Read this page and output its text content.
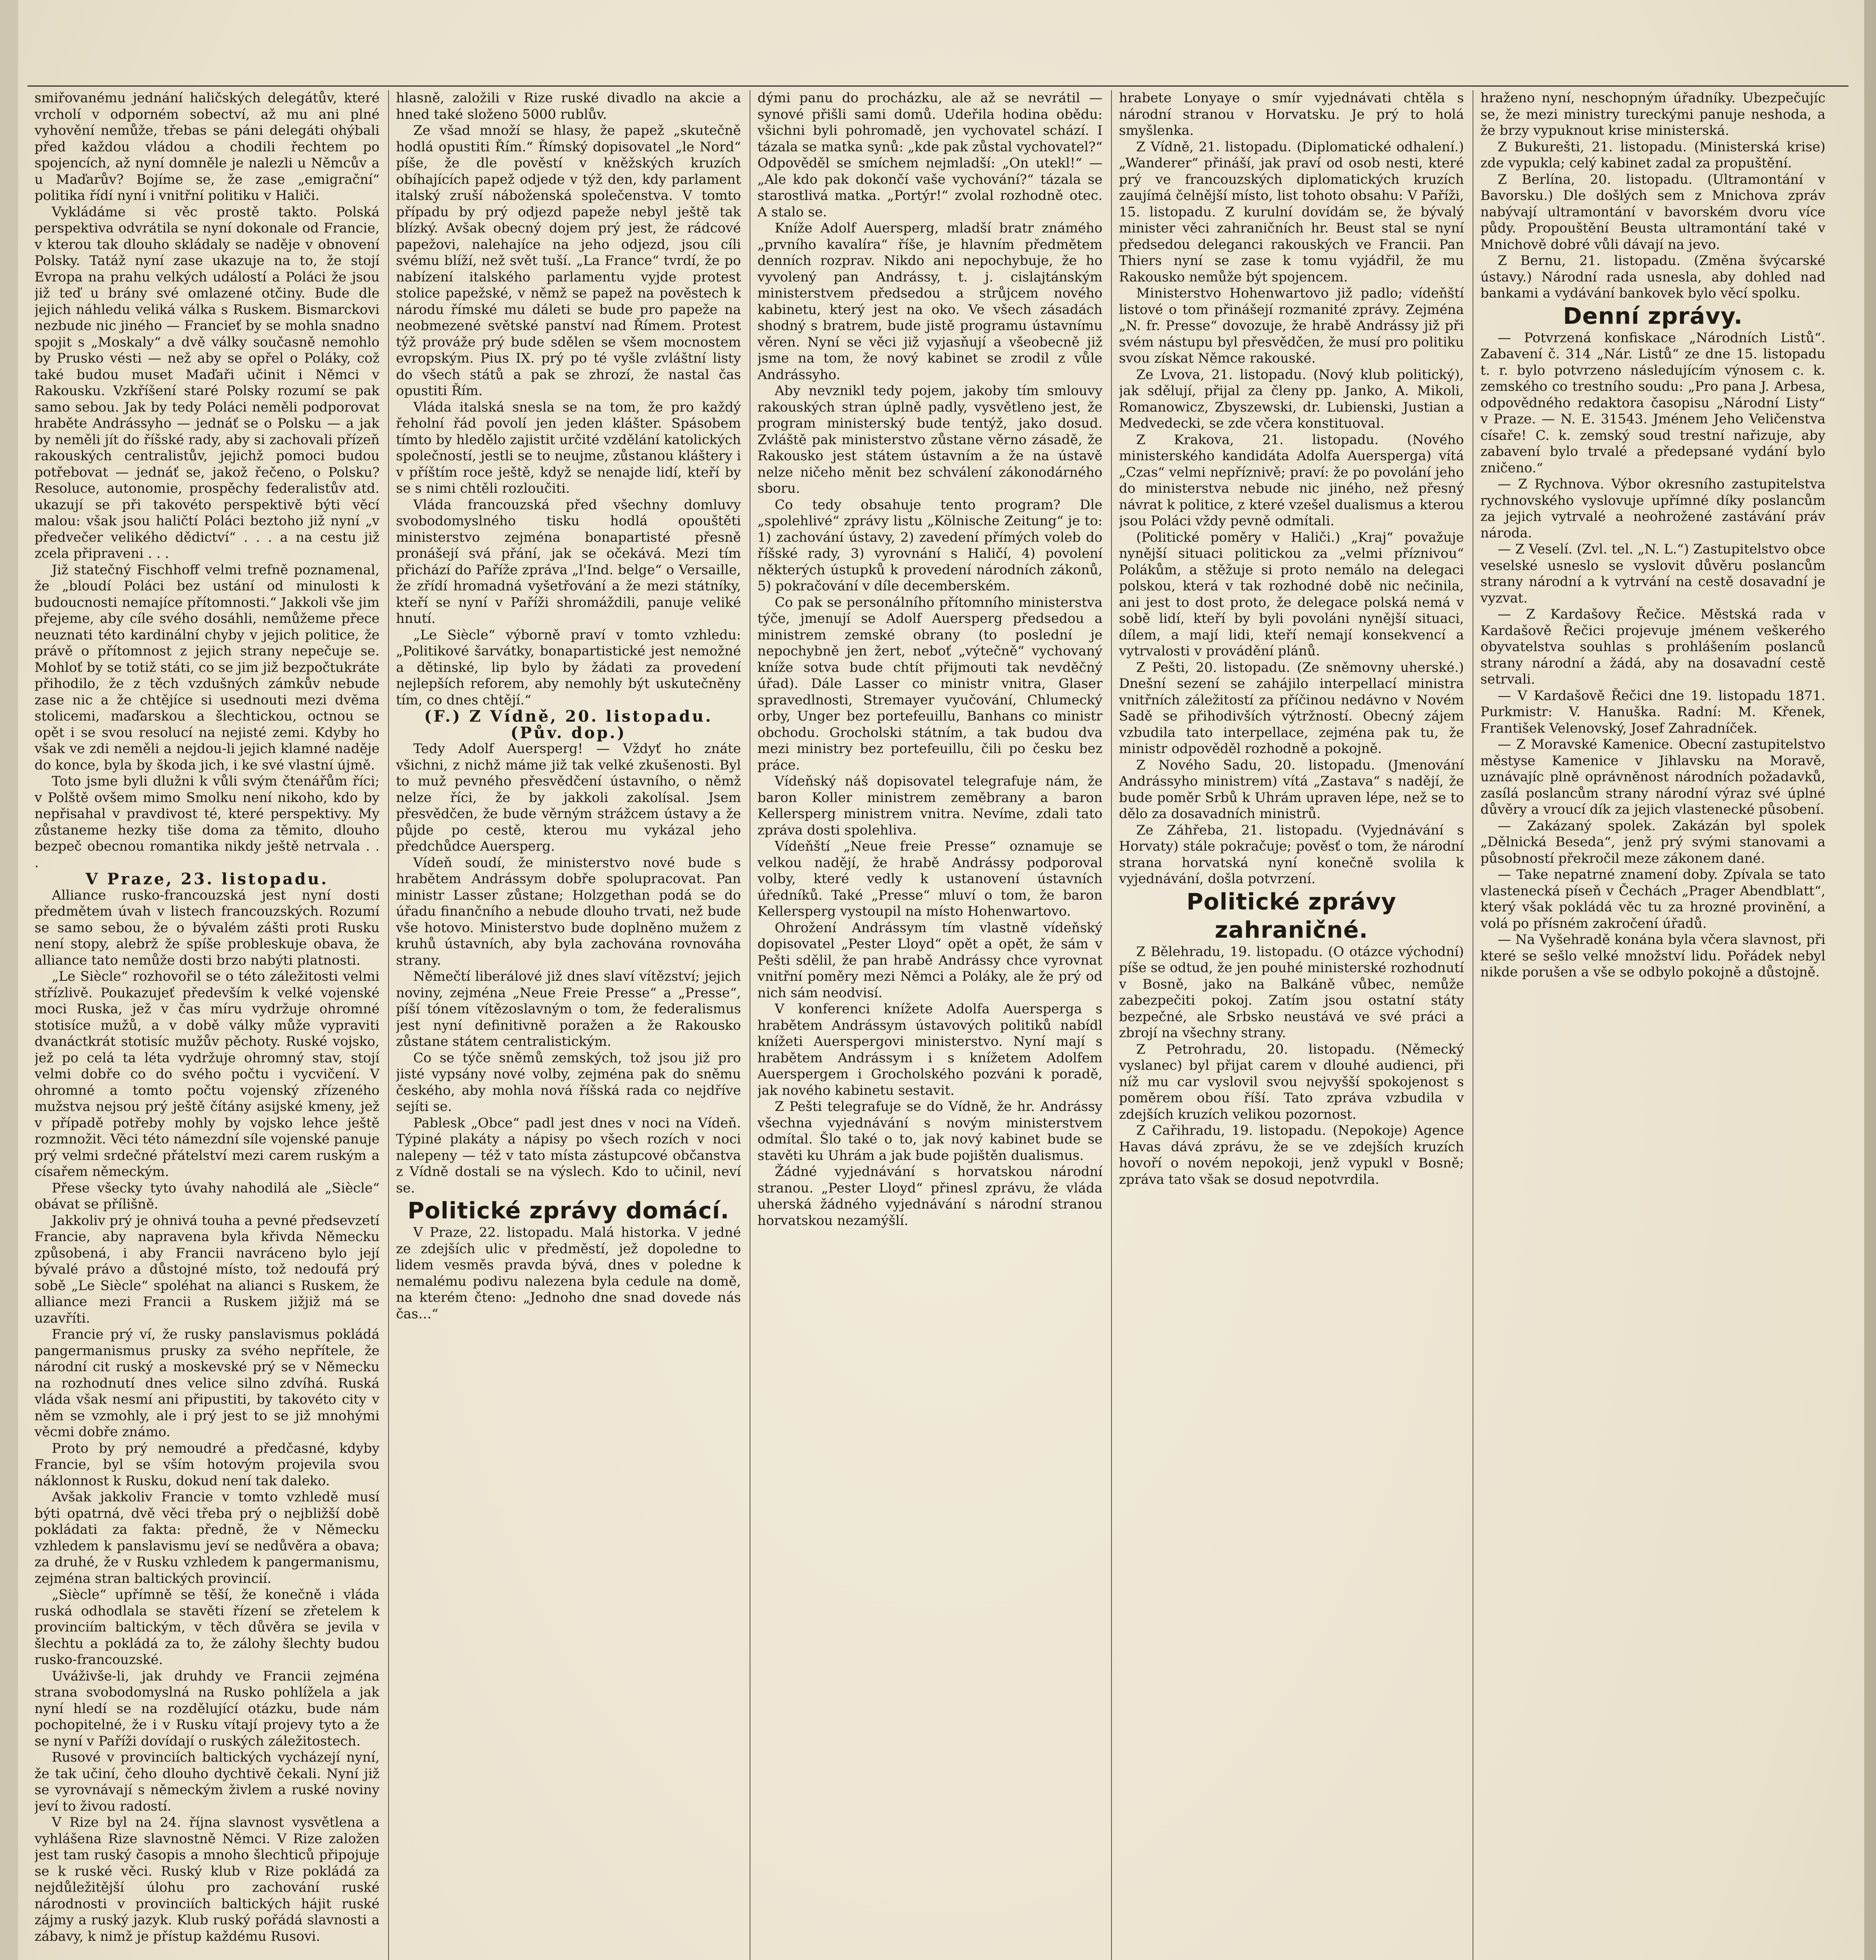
smiřovanému jednání haličských delegátův, které vrcholí v odporném sobectví, až mu ani plné vyhovění nemůže, třebas se páni delegáti ohýbali před každou vládou a chodili řechtem po spojencích, až nyní domněle je nalezli u Němcův a u Maďarův? Bojíme se, že zase „emigrační“ politika řídí nyní i vnitřní politiku v Haliči.

Vykládáme si věc prostě takto. Polská perspektiva odvrátila se nyní dokonale od Francie, v kterou tak dlouho skládaly se naděje v obnovení Polsky. Tatáž nyní zase ukazuje na to, že stojí Evropa na prahu velkých událostí a Poláci že jsou již teď u brány své omlazené otčiny. Bude dle jejich náhledu veliká válka s Ruskem. Bismarckovi nezbude nic jiného — Francieť by se mohla snadno spojit s „Moskaly“ a dvě války současně nemohlo by Prusko vésti — než aby se opřel o Poláky, což také budou muset Maďaři učinit i Němci v Rakousku. Vzkříšení staré Polsky rozumí se pak samo sebou. Jak by tedy Poláci neměli podporovat hraběte Andrássyho — jednáť se o Polsku — a jak by neměli jít do říšské rady, aby si zachovali přízeň rakouských centralistův, jejichž pomoci budou potřebovat — jednáť se, jakož řečeno, o Polsku? Resoluce, autonomie, prospěchy federalistův atd. ukazují se při takovéto perspektivě býti věcí malou: však jsou haličtí Poláci beztoho již nyní „v předvečer velikého dědictví“ . . . a na cestu již zcela připraveni . . .

Již statečný Fischhoff velmi trefně poznamenal, že „bloudí Poláci bez ustání od minulosti k budoucnosti nemajíce přítomnosti.“ Jakkoli vše jim přejeme, aby cíle svého dosáhli, nemůžeme přece neuznati této kardinální chyby v jejich politice, že právě o přítomnost z jejich strany nepečuje se. Mohloť by se totiž státi, co se jim již bezpočtukráte přihodilo, že z těch vzdušných zámkův nebude zase nic a že chtějíce si usednouti mezi dvěma stolicemi, maďarskou a šlechtickou, octnou se opět i se svou resolucí na nejisté zemi. Kdyby ho však ve zdi neměli a nejdou-li jejich klamné naděje do konce, byla by škoda jich, i ke své vlastní újmě.

Toto jsme byli dlužni k vůli svým čtenářům říci; v Polště ovšem mimo Smolku není nikoho, kdo by nepřisahal v pravdivost té, které perspektivy. My zůstaneme hezky tiše doma za těmito, dlouho bezpeč obecnou romantika nikdy ještě netrvala . . .

V Praze, 23. listopadu.

Alliance rusko-francouzská jest nyní dosti předmětem úvah v listech francouzských. Rozumí se samo sebou, že o bývalém zášti proti Rusku není stopy, alebrž že spíše probleskuje obava, že alliance tato nemůže dosti brzo nabýti platnosti.

„Le Siècle“ rozhovořil se o této záležitosti velmi střízlivě. Poukazujeť především k velké vojenské moci Ruska, jež v čas míru vydržuje ohromné stotisíce mužů, a v době války může vypraviti dvanáctkrát stotisíc mužův pěchoty. Ruské vojsko, jež po celá ta léta vydržuje ohromný stav, stojí velmi dobře co do svého počtu i vycvičení. V ohromné a tomto počtu vojenský zřízeného mužstva nejsou prý ještě čítány asijské kmeny, jež v případě potřeby mohly by vojsko lehce ještě rozmnožit. Věci této námezdní síle vojenské panuje prý velmi srdečné přátelství mezi carem ruským a císařem německým.

Přese všecky tyto úvahy nahodilá ale „Siècle“ obávat se přílišně.

Jakkoliv prý je ohnivá touha a pevné předsevzetí Francie, aby napravena byla křivda Německu způsobená, i aby Francii navráceno bylo její bývalé právo a důstojné místo, tož nedoufá prý sobě „Le Siècle“ spoléhat na alianci s Ruskem, že alliance mezi Francii a Ruskem jižjiž má se uzavříti.

Francie prý ví, že rusky panslavismus pokládá pangermanismus prusky za svého nepřítele, že národní cit ruský a moskevské prý se v Německu na rozhodnutí dnes velice silno zdvíhá. Ruská vláda však nesmí ani připustiti, by takovéto city v něm se vzmohly, ale i prý jest to se již mnohými věcmi dobře známo.

Proto by prý nemoudré a předčasné, kdyby Francie, byl se vším hotovým projevila svou náklonnost k Rusku, dokud není tak daleko.

Avšak jakkoliv Francie v tomto vzhledě musí býti opatrná, dvě věci třeba prý o nejbližší době pokládati za fakta: předně, že v Německu vzhledem k panslavismu jeví se nedůvěra a obava; za druhé, že v Rusku vzhledem k pangermanismu, zejména stran baltických provincií.

„Siècle“ upřímně se těší, že konečně i vláda ruská odhodlala se stavěti řízení se zřetelem k provinciím baltickým, v těch důvěra se jevila v šlechtu a pokládá za to, že zálohy šlechty budou rusko-francouzské.

Uváživše-li, jak druhdy ve Francii zejména strana svobodomyslná na Rusko pohlížela a jak nyní hledí se na rozdělující otázku, bude nám pochopitelné, že i v Rusku vítají projevy tyto a že se nyní v Paříži dovídají o ruských záležitostech.

Rusové v provinciích baltických vycházejí nyní, že tak učiní, čeho dlouho dychtivě čekali. Nyní již se vyrovnávají s německým živlem a ruské noviny jeví to živou radostí.

V Rize byl na 24. října slavnost vysvětlena a vyhlášena Rize slavnostně Němci. V Rize založen jest tam ruský časopis a mnoho šlechticů připojuje se k ruské věci. Ruský klub v Rize pokládá za nejdůležitější úlohu pro zachování ruské národnosti v provinciích baltických hájit ruské zájmy a ruský jazyk. Klub ruský pořádá slavnosti a zábavy, k nimž je přístup každému Rusovi.

hlasně, založili v Rize ruské divadlo na akcie a hned také složeno 5000 rublův.

Ze všad množí se hlasy, že papež „skutečně hodlá opustiti Řím.“ Římský dopisovatel „le Nord“ píše, že dle pověstí v kněžských kruzích obíhajících papež odjede v týž den, kdy parlament italský zruší náboženská společenstva. V tomto případu by prý odjezd papeže nebyl ještě tak blízký. Avšak obecný dojem prý jest, že rádcové papežovi, nalehajíce na jeho odjezd, jsou cíli svému blíží, než svět tuší. „La France“ tvrdí, že po nabízení italského parlamentu vyjde protest stolice papežské, v němž se papež na pověstech k národu římské mu dáleti se bude pro papeže na neobmezené světské panství nad Římem. Protest týž prováže prý bude sdělen se všem mocnostem evropským. Pius IX. prý po té vyšle zvláštní listy do všech států a pak se zhrozí, že nastal čas opustiti Řím.

Vláda italská snesla se na tom, že pro každý řeholní řád povolí jen jeden klášter. Spásobem tímto by hledělo zajistit určité vzdělání katolických společností, jestli se to neujme, zůstanou kláštery i v příštím roce ještě, když se nenajde lidí, kteří by se s nimi chtěli rozloučiti.

Vláda francouzská před všechny domluvy svobodomyslného tisku hodlá opouštěti ministerstvo zejména bonapartisté přesně pronášejí svá přání, jak se očekává. Mezi tím přichází do Paříže zpráva „l'Ind. belge“ o Versaille, že zřídí hromadná vyšetřování a že mezi státníky, kteří se nyní v Paříži shromáždili, panuje veliké hnutí.

„Le Siècle“ výborně praví v tomto vzhledu: „Politikové šarvátky, bonapartistické jest nemožné a dětinské, lip bylo by žádati za provedení nejlepších reforem, aby nemohly být uskutečněny tím, co dnes chtějí.“

(F.) Z Vídně, 20. listopadu. (Pův. dop.)

Tedy Adolf Auersperg! — Vždyť ho znáte všichni, z nichž máme již tak velké zkušenosti. Byl to muž pevného přesvědčení ústavního, o němž nelze říci, že by jakkoli zakolísal. Jsem přesvědčen, že bude věrným strážcem ústavy a že půjde po cestě, kterou mu vykázal jeho předchůdce Auersperg.

Vídeň soudí, že ministerstvo nové bude s hrabětem Andrássym dobře spolupracovat. Pan ministr Lasser zůstane; Holzgethan podá se do úřadu finančního a nebude dlouho trvati, než bude vše hotovo. Ministerstvo bude doplněno mužem z kruhů ústavních, aby byla zachována rovnováha strany.

Němečtí liberálové již dnes slaví vítězství; jejich noviny, zejména „Neue Freie Presse“ a „Presse“, píší tónem vítězoslavným o tom, že federalismus jest nyní definitivně poražen a že Rakousko zůstane státem centralistickým.

Co se týče sněmů zemských, tož jsou již pro jisté vypsány nové volby, zejména pak do sněmu českého, aby mohla nová říšská rada co nejdříve sejíti se.

Pablesk „Obce“ padl jest dnes v noci na Vídeň. Týpiné plakáty a nápisy po všech rozích v noci nalepeny — též v tato místa zástupcové občanstva z Vídně dostali se na výslech. Kdo to učinil, neví se.

Politické zprávy domácí.

V Praze, 22. listopadu. Malá historka. V jedné ze zdejších ulic v předměstí, jež dopoledne to lidem vesměs pravda bývá, dnes v poledne k nemalému podivu nalezena byla cedule na domě, na kterém čteno: „Jednoho dne snad dovede nás čas…“

dými panu do procházku, ale až se nevrátil — synové přišli sami domů. Udeřila hodina obědu: všichni byli pohromadě, jen vychovatel schází. I tázala se matka synů: „kde pak zůstal vychovatel?“ Odpověděl se smíchem nejmladší: „On utekl!“ — „Ale kdo pak dokončí vaše vychování?“ tázala se starostlivá matka. „Portýr!“ zvolal rozhodně otec. A stalo se.

Kníže Adolf Auersperg, mladší bratr známého „prvního kavalíra“ říše, je hlavním předmětem denních rozprav. Nikdo ani nepochybuje, že ho vyvolený pan Andrássy, t. j. cislajtánským ministerstvem předsedou a strůjcem nového kabinetu, který jest na oko. Ve všech zásadách shodný s bratrem, bude jistě programu ústavnímu věren. Nyní se věci již vyjasňují a všeobecně již jsme na tom, že nový kabinet se zrodil z vůle Andrássyho.

Aby nevznikl tedy pojem, jakoby tím smlouvy rakouských stran úplně padly, vysvětleno jest, že program ministerský bude tentýž, jako dosud. Zvláště pak ministerstvo zůstane věrno zásadě, že Rakousko jest státem ústavním a že na ústavě nelze ničeho měnit bez schválení zákonodárného sboru.

Co tedy obsahuje tento program? Dle „spolehlivé“ zprávy listu „Kölnische Zeitung“ je to: 1) zachování ústavy, 2) zavedení přímých voleb do říšské rady, 3) vyrovnání s Haličí, 4) povolení některých ústupků k provedení národních zákonů, 5) pokračování v díle decemberském.

Co pak se personálního přítomního ministerstva týče, jmenují se Adolf Auersperg předsedou a ministrem zemské obrany (to poslední je nepochybně jen žert, neboť „výtečně“ vychovaný kníže sotva bude chtít přijmouti tak nevděčný úřad). Dále Lasser co ministr vnitra, Glaser spravedlnosti, Stremayer vyučování, Chlumecký orby, Unger bez portefeuillu, Banhans co ministr obchodu. Grocholski státním, a tak budou dva mezi ministry bez portefeuillu, čili po česku bez práce.

Vídeňský náš dopisovatel telegrafuje nám, že baron Koller ministrem zeměbrany a baron Kellersperg ministrem vnitra. Nevíme, zdali tato zpráva dosti spolehliva.

Vídeňští „Neue freie Presse“ oznamuje se velkou nadějí, že hrabě Andrássy podporoval volby, které vedly k ustanovení ústavních úředníků. Také „Presse“ mluví o tom, že baron Kellersperg vystoupil na místo Hohenwartovo.

Ohrožení Andrássym tím vlastně vídeňský dopisovatel „Pester Lloyd“ opět a opět, že sám v Pešti sdělil, že pan hrabě Andrássy chce vyrovnat vnitřní poměry mezi Němci a Poláky, ale že prý od nich sám neodvisí.

V konferenci knížete Adolfa Auersperga s hrabětem Andrássym ústavových politiků nabídl knížeti Auerspergovi ministerstvo. Nyní mají s hrabětem Andrássym i s knížetem Adolfem Auerspergem i Grocholského pozváni k poradě, jak nového kabinetu sestavit.

Z Pešti telegrafuje se do Vídně, že hr. Andrássy všechna vyjednávání s novým ministerstvem odmítal. Šlo také o to, jak nový kabinet bude se stavěti ku Uhrám a jak bude pojištěn dualismus.

Žádné vyjednávání s horvatskou národní stranou. „Pester Lloyd“ přinesl zprávu, že vláda uherská žádného vyjednávání s národní stranou horvatskou nezamýšlí.

hrabete Lonyaye o smír vyjednávati chtěla s národní stranou v Horvatsku. Je prý to holá smyšlenka.

Z Vídně, 21. listopadu. (Diplomatické odhalení.) „Wanderer“ přináší, jak praví od osob nesti, které prý ve francouzských diplomatických kruzích zaujímá čelnější místo, list tohoto obsahu: V Paříži, 15. listopadu. Z kurulní dovídám se, že bývalý minister věci zahraničních hr. Beust stal se nyní předsedou deleganci rakouských ve Francii. Pan Thiers nyní se zase k tomu vyjádřil, že mu Rakousko nemůže být spojencem.

Ministerstvo Hohenwartovo již padlo; vídeňští listové o tom přinášejí rozmanité zprávy. Zejména „N. fr. Presse“ dovozuje, že hrabě Andrássy již při svém nástupu byl přesvědčen, že musí pro politiku svou získat Němce rakouské.

Ze Lvova, 21. listopadu. (Nový klub politický), jak sdělují, přijal za členy pp. Janko, A. Mikoli, Romanowicz, Zbyszewski, dr. Lubienski, Justian a Medvedecki, se zde včera konstituoval.

Z Krakova, 21. listopadu. (Nového ministerského kandidáta Adolfa Auersperga) vítá „Czas“ velmi nepříznivě; praví: že po povolání jeho do ministerstva nebude nic jiného, než přesný návrat k politice, z které vzešel dualismus a kterou jsou Poláci vždy pevně odmítali.

(Politické poměry v Haliči.) „Kraj“ považuje nynější situaci politickou za „velmi příznivou“ Polákům, a stěžuje si proto nemálo na delegaci polskou, která v tak rozhodné době nic nečinila, ani jest to dost proto, že delegace polská nemá v sobě lidí, kteří by byli povoláni nynější situaci, dílem, a mají lidi, kteří nemají konsekvencí a vytrvalosti v provádění plánů.

Z Pešti, 20. listopadu. (Ze sněmovny uherské.) Dnešní sezení se zahájilo interpellací ministra vnitřních záležitostí za příčinou nedávno v Novém Sadě se přihodivších výtržností. Obecný zájem vzbudila tato interpellace, zejména pak tu, že ministr odpověděl rozhodně a pokojně.

Z Nového Sadu, 20. listopadu. (Jmenování Andrássyho ministrem) vítá „Zastava“ s nadějí, že bude poměr Srbů k Uhrám upraven lépe, než se to dělo za dosavadních ministrů.

Ze Záhřeba, 21. listopadu. (Vyjednávání s Horvaty) stále pokračuje; pověsť o tom, že národní strana horvatská nyní konečně svolila k vyjednávání, došla potvrzení.

Politické zprávy zahraničné.

Z Bělehradu, 19. listopadu. (O otázce východní) píše se odtud, že jen pouhé ministerské rozhodnutí v Bosně, jako na Balkáně vůbec, nemůže zabezpečiti pokoj. Zatím jsou ostatní státy bezpečné, ale Srbsko neustává ve své práci a zbrojí na všechny strany.

Z Petrohradu, 20. listopadu. (Německý vyslanec) byl přijat carem v dlouhé audienci, při níž mu car vyslovil svou nejvyšší spokojenost s poměrem obou říší. Tato zpráva vzbudila v zdejších kruzích velikou pozornost.

Z Cařihradu, 19. listopadu. (Nepokoje) Agence Havas dává zprávu, že se ve zdejších kruzích hovoří o novém nepokoji, jenž vypukl v Bosně; zpráva tato však se dosud nepotvrdila.

hraženo nyní, neschopným úřadníky. Ubezpečujíc se, že mezi ministry tureckými panuje neshoda, a že brzy vypuknout krise ministerská.

Z Bukurešti, 21. listopadu. (Ministerská krise) zde vypukla; celý kabinet zadal za propuštění.

Z Berlína, 20. listopadu. (Ultramontání v Bavorsku.) Dle došlých sem z Mnichova zpráv nabývají ultramontání v bavorském dvoru více půdy. Propouštění Beusta ultramontání také v Mnichově dobré vůli dávají na jevo.

Z Bernu, 21. listopadu. (Změna švýcarské ústavy.) Národní rada usnesla, aby dohled nad bankami a vydávání bankovek bylo věcí spolku.

Denní zprávy.

— Potvrzená konfiskace „Národních Listů“. Zabavení č. 314 „Nár. Listů“ ze dne 15. listopadu t. r. bylo potvrzeno následujícím výnosem c. k. zemského co trestního soudu: „Pro pana J. Arbesa, odpovědného redaktora časopisu „Národní Listy“ v Praze. — N. E. 31543. Jménem Jeho Veličenstva císaře! C. k. zemský soud trestní nařizuje, aby zabavení bylo trvalé a předepsané vydání bylo zničeno.“

— Z Rychnova. Výbor okresního zastupitelstva rychnovského vyslovuje upřímné díky poslancům za jejich vytrvalé a neohrožené zastávání práv národa.

— Z Veselí. (Zvl. tel. „N. L.“) Zastupitelstvo obce veselské usneslo se vyslovit důvěru poslancům strany národní a k vytrvání na cestě dosavadní je vyzvat.

— Z Kardašovy Řečice. Městská rada v Kardašově Řečici projevuje jménem veškerého obyvatelstva souhlas s prohlášením poslanců strany národní a žádá, aby na dosavadní cestě setrvali.

— V Kardašově Řečici dne 19. listopadu 1871. Purkmistr: V. Hanuška. Radní: M. Křenek, František Velenovský, Josef Zahradníček.

— Z Moravské Kamenice. Obecní zastupitelstvo městyse Kamenice v Jihlavsku na Moravě, uznávajíc plně oprávněnost národních požadavků, zasílá poslancům strany národní výraz své úplné důvěry a vroucí dík za jejich vlastenecké působení.

— Zakázaný spolek. Zakázán byl spolek „Dělnická Beseda“, jenž prý svými stanovami a působností překročil meze zákonem dané.

— Take nepatrné znamení doby. Zpívala se tato vlastenecká píseň v Čechách „Prager Abendblatt“, který však pokládá věc tu za hrozné provinění, a volá po přísném zakročení úřadů.

— Na Vyšehradě konána byla včera slavnost, při které se sešlo velké množství lidu. Pořádek nebyl nikde porušen a vše se odbylo pokojně a důstojně.
